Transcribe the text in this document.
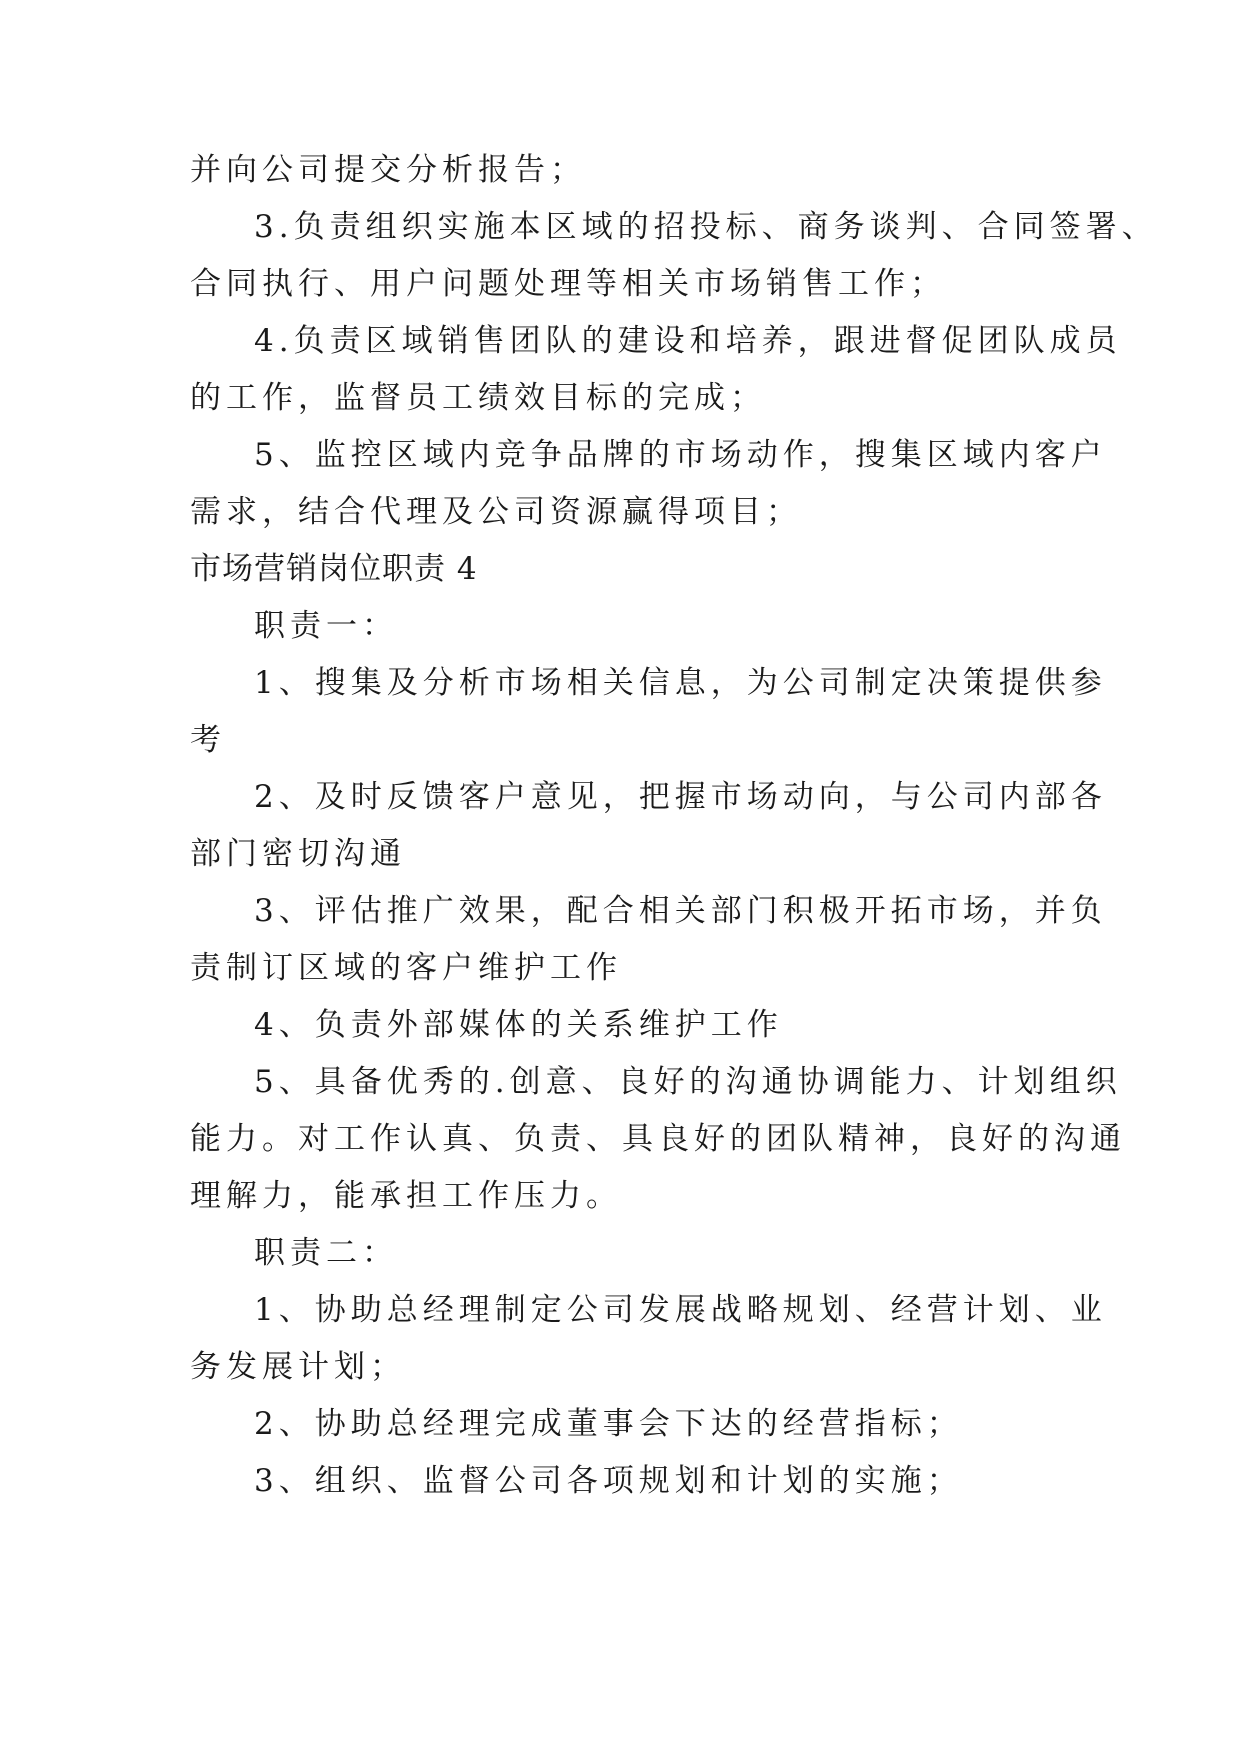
并向公司提交分析报告；
3.负责组织实施本区域的招投标、商务谈判、合同签署、
合同执行、用户问题处理等相关市场销售工作；
4.负责区域销售团队的建设和培养，跟进督促团队成员
的工作，监督员工绩效目标的完成；
5、监控区域内竞争品牌的市场动作，搜集区域内客户
需求，结合代理及公司资源赢得项目；
市场营销岗位职责 4
职责一：
1、搜集及分析市场相关信息，为公司制定决策提供参
考
2、及时反馈客户意见，把握市场动向，与公司内部各
部门密切沟通
3、评估推广效果，配合相关部门积极开拓市场，并负
责制订区域的客户维护工作
4、负责外部媒体的关系维护工作
5、具备优秀的.创意、良好的沟通协调能力、计划组织
能力。对工作认真、负责、具良好的团队精神，良好的沟通
理解力，能承担工作压力。
职责二：
1、协助总经理制定公司发展战略规划、经营计划、业
务发展计划；
2、协助总经理完成董事会下达的经营指标；
3、组织、监督公司各项规划和计划的实施；
